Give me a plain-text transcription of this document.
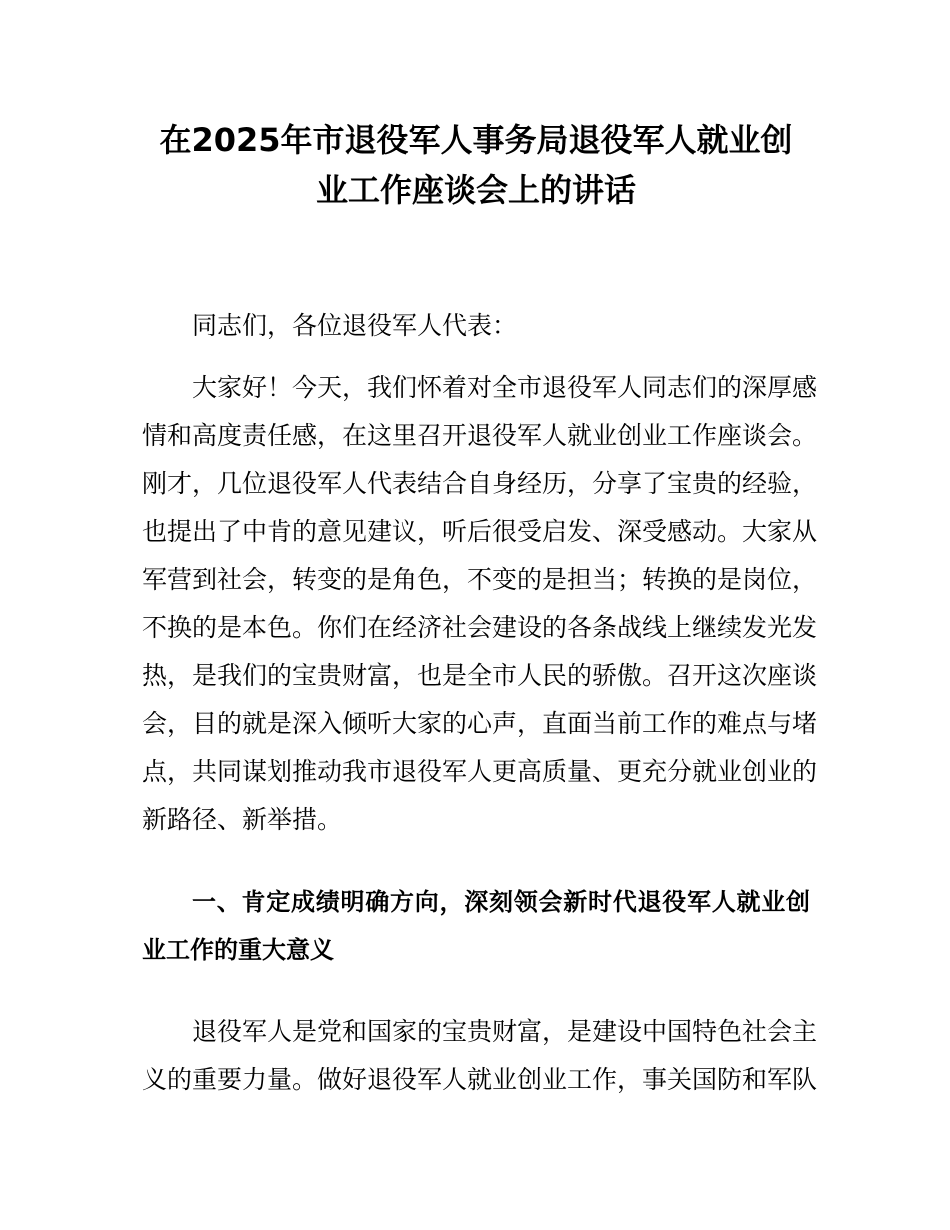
在2025年市退役军人事务局退役军人就业创
业工作座谈会上的讲话
同志们，各位退役军人代表：
大家好！今天，我们怀着对全市退役军人同志们的深厚感
情和高度责任感，在这里召开退役军人就业创业工作座谈会。
刚才，几位退役军人代表结合自身经历，分享了宝贵的经验，
也提出了中肯的意见建议，听后很受启发、深受感动。大家从
军营到社会，转变的是角色，不变的是担当；转换的是岗位，
不换的是本色。你们在经济社会建设的各条战线上继续发光发
热，是我们的宝贵财富，也是全市人民的骄傲。召开这次座谈
会，目的就是深入倾听大家的心声，直面当前工作的难点与堵
点，共同谋划推动我市退役军人更高质量、更充分就业创业的
新路径、新举措。
一、肯定成绩明确方向，深刻领会新时代退役军人就业创
业工作的重大意义
退役军人是党和国家的宝贵财富，是建设中国特色社会主
义的重要力量。做好退役军人就业创业工作，事关国防和军队
